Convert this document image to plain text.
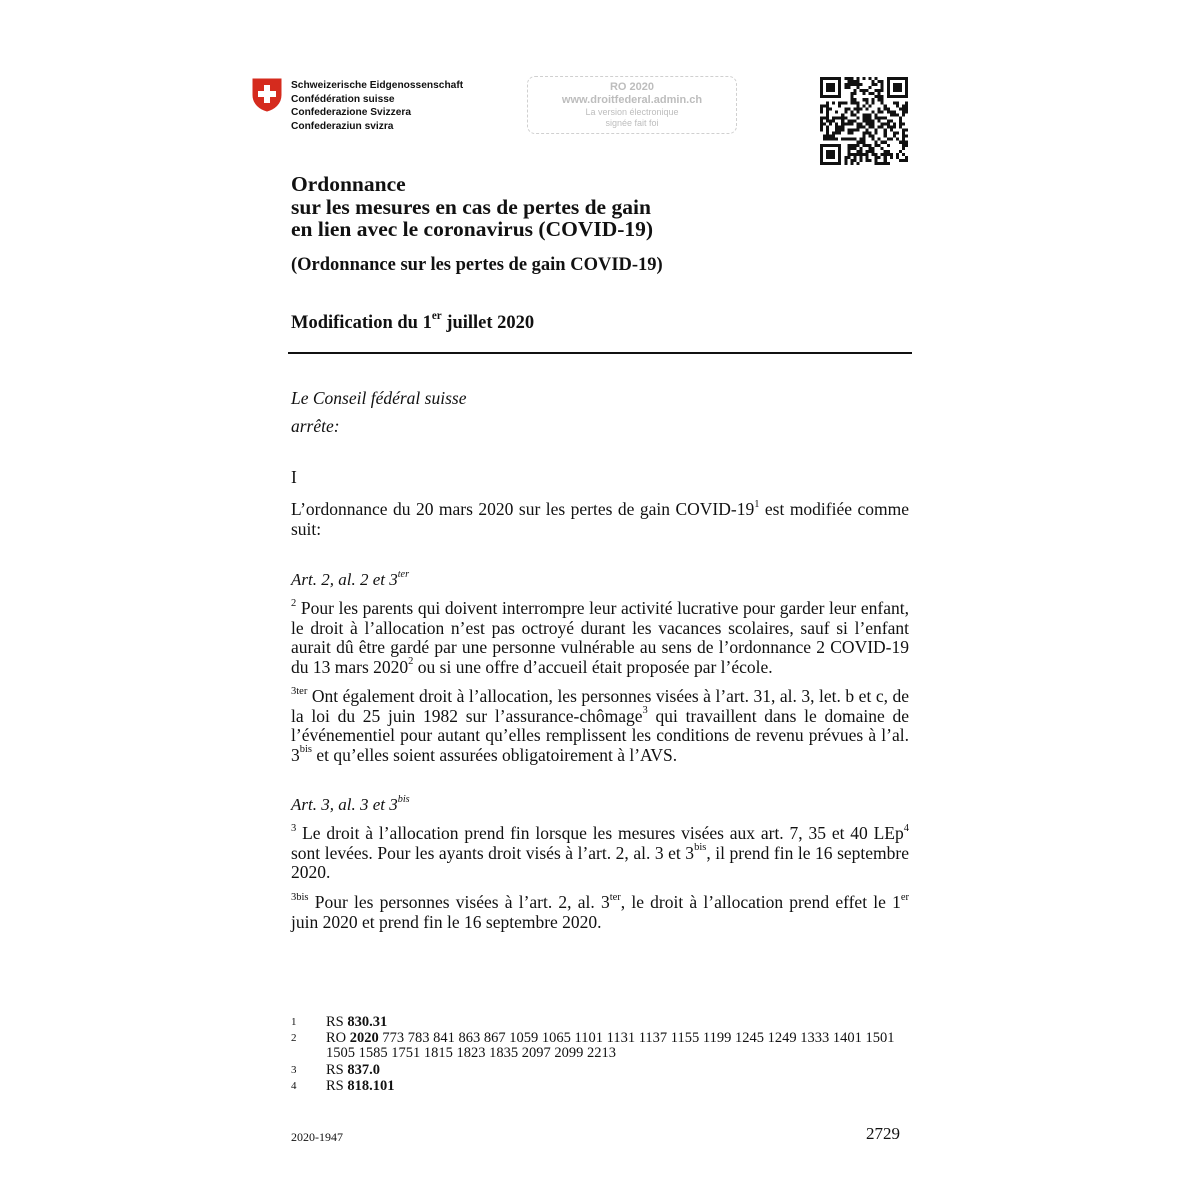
Schweizerische Eidgenossenschaft
Confédération suisse
Confederazione Svizzera
Confederaziun svizra
RO 2020
www.droitfederal.admin.ch
La version électronique
signée fait foi
Ordonnance
sur les mesures en cas de pertes de gain
en lien avec le coronavirus (COVID-19)
(Ordonnance sur les pertes de gain COVID-19)
Modification du 1er juillet 2020
Le Conseil fédéral suisse
arrête:
I
L’ordonnance du 20 mars 2020 sur les pertes de gain COVID-$19^1$ est modifiée comme suit:
Art. 2, al. 2 et $3^{ter}$
$^2$ Pour les parents qui doivent interrompre leur activité lucrative pour garder leur enfant, le droit à l’allocation n’est pas octroyé durant les vacances scolaires, sauf si l’enfant aurait dû être gardé par une personne vulnérable au sens de l’ordonnance 2 COVID-19 du 13 mars 2020$^2$ ou si une offre d’accueil était proposée par l’école.
$^{3ter}$ Ont également droit à l’allocation, les personnes visées à l’art. 31, al. 3, let. b et c, de la loi du 25 juin 1982 sur l’assurance-chômage$^3$ qui travaillent dans le domaine de l’événementiel pour autant qu’elles remplissent les conditions de revenu prévues à l’al. $3^{bis}$ et qu’elles soient assurées obligatoirement à l’AVS.
Art. 3, al. 3 et $3^{bis}$
$^3$ Le droit à l’allocation prend fin lorsque les mesures visées aux art. 7, 35 et 40 LEp$^4$ sont levées. Pour les ayants droit visés à l’art. 2, al. 3 et $3^{bis}$, il prend fin le 16 septembre 2020.
$^{3bis}$ Pour les personnes visées à l’art. 2, al. $3^{ter}$, le droit à l’allocation prend effet le 1er juin 2020 et prend fin le 16 septembre 2020.
1 RS 830.31
2 RO 2020 773 783 841 863 867 1059 1065 1101 1131 1137 1155 1199 1245 1249 1333 1401 1501 1505 1585 1751 1815 1823 1835 2097 2099 2213
3 RS 837.0
4 RS 818.101
2020-1947	2729
